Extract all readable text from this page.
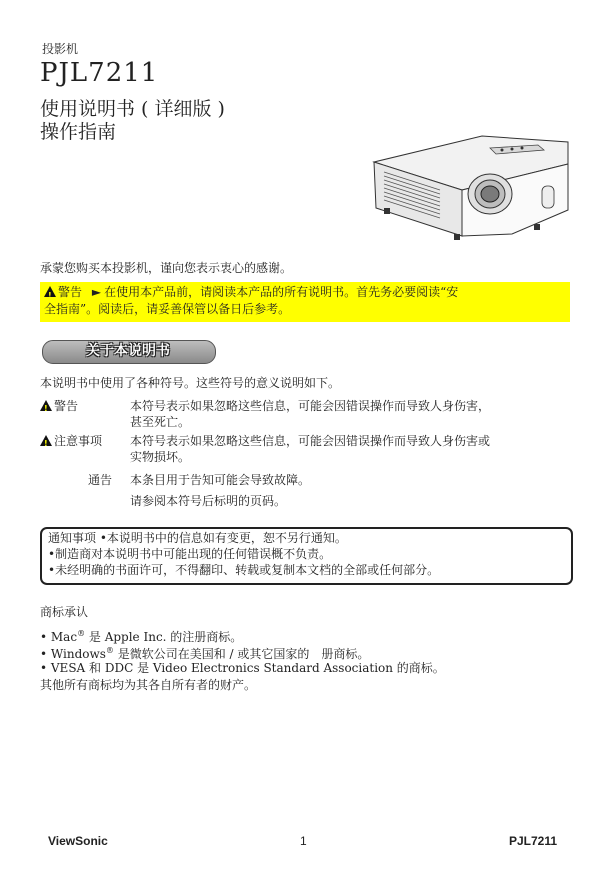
投影机
PJL7211
使用说明书 ( 详细版 )
操作指南
承蒙您购买本投影机，谨向您表示衷心的感谢。
!警告 ► 在使用本产品前，请阅读本产品的所有说明书。首先务必要阅读“安
全指南”。阅读后，请妥善保管以备日后参考。
关于本说明书
本说明书中使用了各种符号。这些符号的意义说明如下。
!警告	本符号表示如果忽略这些信息，可能会因错误操作而导致人身伤害，
甚至死亡。
!注意事项 本符号表示如果忽略这些信息，可能会因错误操作而导致人身伤害或
实物损坏。
通告 本条目用于告知可能会导致故障。
请参阅本符号后标明的页码。
通知事项 •本说明书中的信息如有变更，恕不另行通知。
•制造商对本说明书中可能出现的任何错误概不负责。
•未经明确的书面许可，不得翻印、转载或复制本文档的全部或任何部分。
商标承认
• Mac® 是 Apple Inc. 的注册商标。
• Windows® 是微软公司在美国和 / 或其它国家的　册商标。
• VESA 和 DDC 是 Video Electronics Standard Association 的商标。
其他所有商标均为其各自所有者的财产。
ViewSonic	1	PJL7211
